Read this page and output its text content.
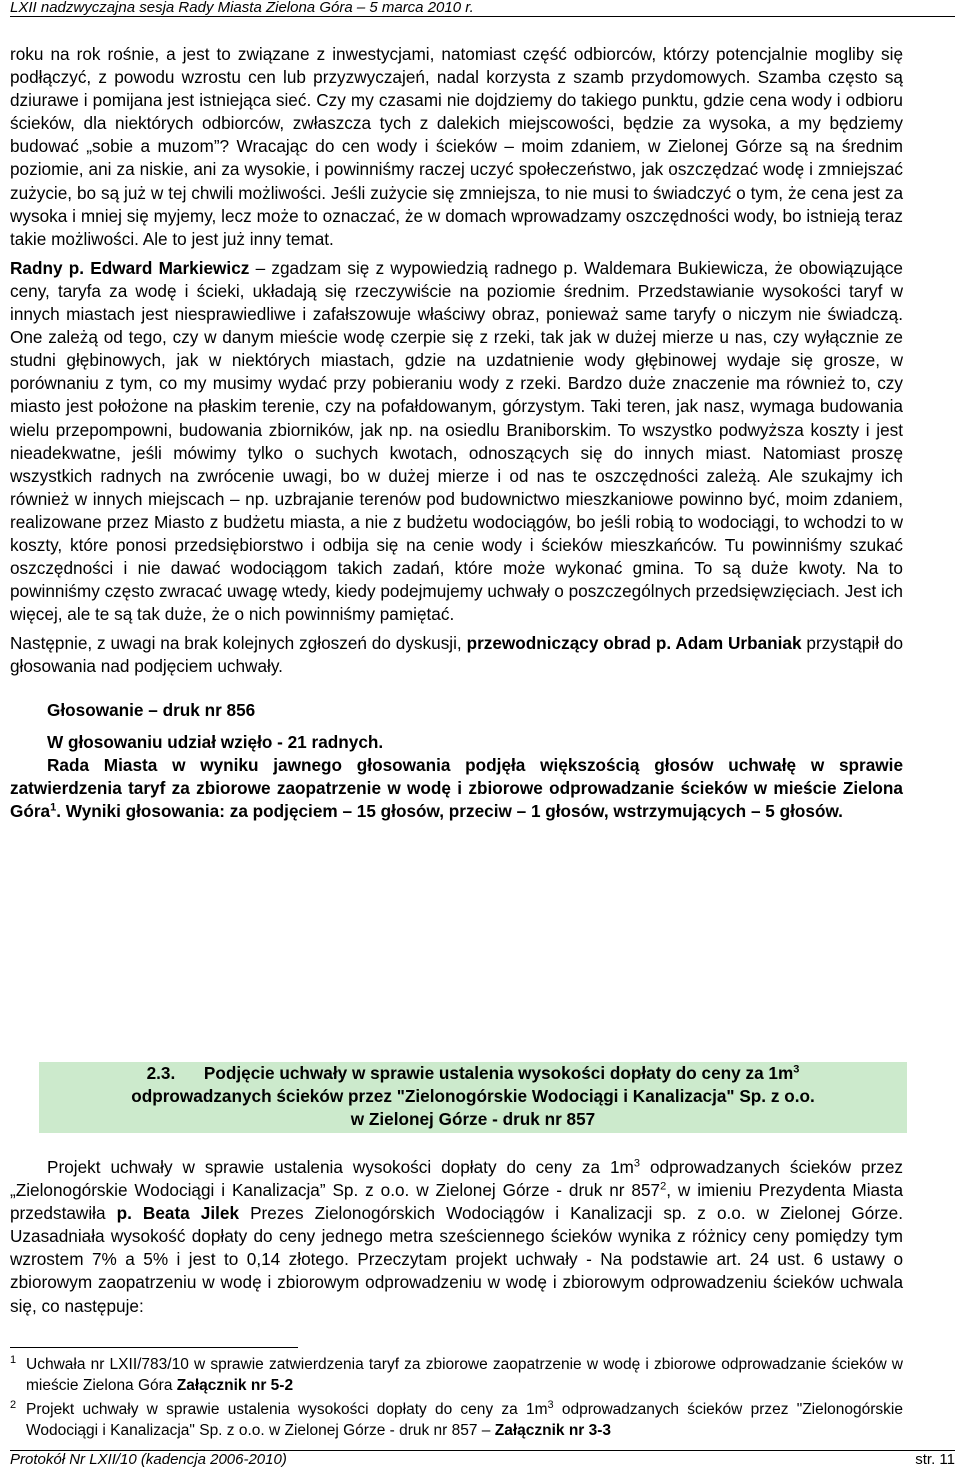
LXII nadzwyczajna sesja Rady Miasta Zielona Góra – 5 marca 2010 r.

roku na rok rośnie, a jest to związane z inwestycjami, natomiast część odbiorców, którzy potencjalnie mogliby się podłączyć, z powodu wzrostu cen lub przyzwyczajeń, nadal korzysta z szamb przydomowych. Szamba często są dziurawe i pomijana jest istniejąca sieć. Czy my czasami nie dojdziemy do takiego punktu, gdzie cena wody i odbioru ścieków, dla niektórych odbiorców, zwłaszcza tych z dalekich miejscowości, będzie za wysoka, a my będziemy budować „sobie a muzom”? Wracając do cen wody i ścieków – moim zdaniem, w Zielonej Górze są na średnim poziomie, ani za niskie, ani za wysokie, i powinniśmy raczej uczyć społeczeństwo, jak oszczędzać wodę i zmniejszać zużycie, bo są już w tej chwili możliwości. Jeśli zużycie się zmniejsza, to nie musi to świadczyć o tym, że cena jest za wysoka i mniej się myjemy, lecz może to oznaczać, że w domach wprowadzamy oszczędności wody, bo istnieją teraz takie możliwości. Ale to jest już inny temat.

Radny p. Edward Markiewicz – zgadzam się z wypowiedzią radnego p. Waldemara Bukiewicza, że obowiązujące ceny, taryfa za wodę i ścieki, układają się rzeczywiście na poziomie średnim. Przedstawianie wysokości taryf w innych miastach jest niesprawiedliwe i zafałszowuje właściwy obraz, ponieważ same taryfy o niczym nie świadczą. One zależą od tego, czy w danym mieście wodę czerpie się z rzeki, tak jak w dużej mierze u nas, czy wyłącznie ze studni głębinowych, jak w niektórych miastach, gdzie na uzdatnienie wody głębinowej wydaje się grosze, w porównaniu z tym, co my musimy wydać przy pobieraniu wody z rzeki. Bardzo duże znaczenie ma również to, czy miasto jest położone na płaskim terenie, czy na pofałdowanym, górzystym. Taki teren, jak nasz, wymaga budowania wielu przepompowni, budowania zbiorników, jak np. na osiedlu Braniborskim. To wszystko podwyższa koszty i jest nieadekwatne, jeśli mówimy tylko o suchych kwotach, odnoszących się do innych miast. Natomiast proszę wszystkich radnych na zwrócenie uwagi, bo w dużej mierze i od nas te oszczędności zależą. Ale szukajmy ich również w innych miejscach – np. uzbrajanie terenów pod budownictwo mieszkaniowe powinno być, moim zdaniem, realizowane przez Miasto z budżetu miasta, a nie z budżetu wodociągów, bo jeśli robią to wodociągi, to wchodzi to w koszty, które ponosi przedsiębiorstwo i odbija się na cenie wody i ścieków mieszkańców. Tu powinniśmy szukać oszczędności i nie dawać wodociągom takich zadań, które może wykonać gmina. To są duże kwoty. Na to powinniśmy często zwracać uwagę wtedy, kiedy podejmujemy uchwały o poszczególnych przedsięwzięciach. Jest ich więcej, ale te są tak duże, że o nich powinniśmy pamiętać.

Następnie, z uwagi na brak kolejnych zgłoszeń do dyskusji, przewodniczący obrad p. Adam Urbaniak przystąpił do głosowania nad podjęciem uchwały.

Głosowanie – druk nr 856

W głosowaniu udział wzięło - 21 radnych.

Rada Miasta w wyniku jawnego głosowania podjęła większością głosów uchwałę w sprawie zatwierdzenia taryf za zbiorowe zaopatrzenie w wodę i zbiorowe odprowadzanie ścieków w mieście Zielona Góra$^1$. Wyniki głosowania: za podjęciem – 15 głosów, przeciw – 1 głosów, wstrzymujących – 5 głosów.

2.3.      Podjęcie uchwały w sprawie ustalenia wysokości dopłaty do ceny za $1m^3$
odprowadzanych ścieków przez "Zielonogórskie Wodociągi i Kanalizacja" Sp. z o.o.
w Zielonej Górze - druk nr 857

Projekt uchwały w sprawie ustalenia wysokości dopłaty do ceny za $1m^3$ odprowadzanych ścieków przez „Zielonogórskie Wodociągi i Kanalizacja” Sp. z o.o. w Zielonej Górze - druk nr $857^2$, w imieniu Prezydenta Miasta przedstawiła p. Beata Jilek Prezes Zielonogórskich Wodociągów i Kanalizacji sp. z o.o. w Zielonej Górze. Uzasadniała wysokość dopłaty do ceny jednego metra sześciennego ścieków wynika z różnicy ceny pomiędzy tym wzrostem 7% a 5% i jest to 0,14 złotego. Przeczytam projekt uchwały - Na podstawie art. 24 ust. 6 ustawy o zbiorowym zaopatrzeniu w wodę i zbiorowym odprowadzeniu w wodę i zbiorowym odprowadzeniu ścieków uchwala się, co następuje:

1 Uchwała nr LXII/783/10 w sprawie zatwierdzenia taryf za zbiorowe zaopatrzenie w wodę i zbiorowe odprowadzanie ścieków w mieście Zielona Góra Załącznik nr 5-2
2 Projekt uchwały w sprawie ustalenia wysokości dopłaty do ceny za $1m^3$ odprowadzanych ścieków przez "Zielonogórskie Wodociągi i Kanalizacja" Sp. z o.o. w Zielonej Górze - druk nr 857 – Załącznik nr 3-3
Protokół Nr LXII/10 (kadencja 2006-2010)	str. 11
